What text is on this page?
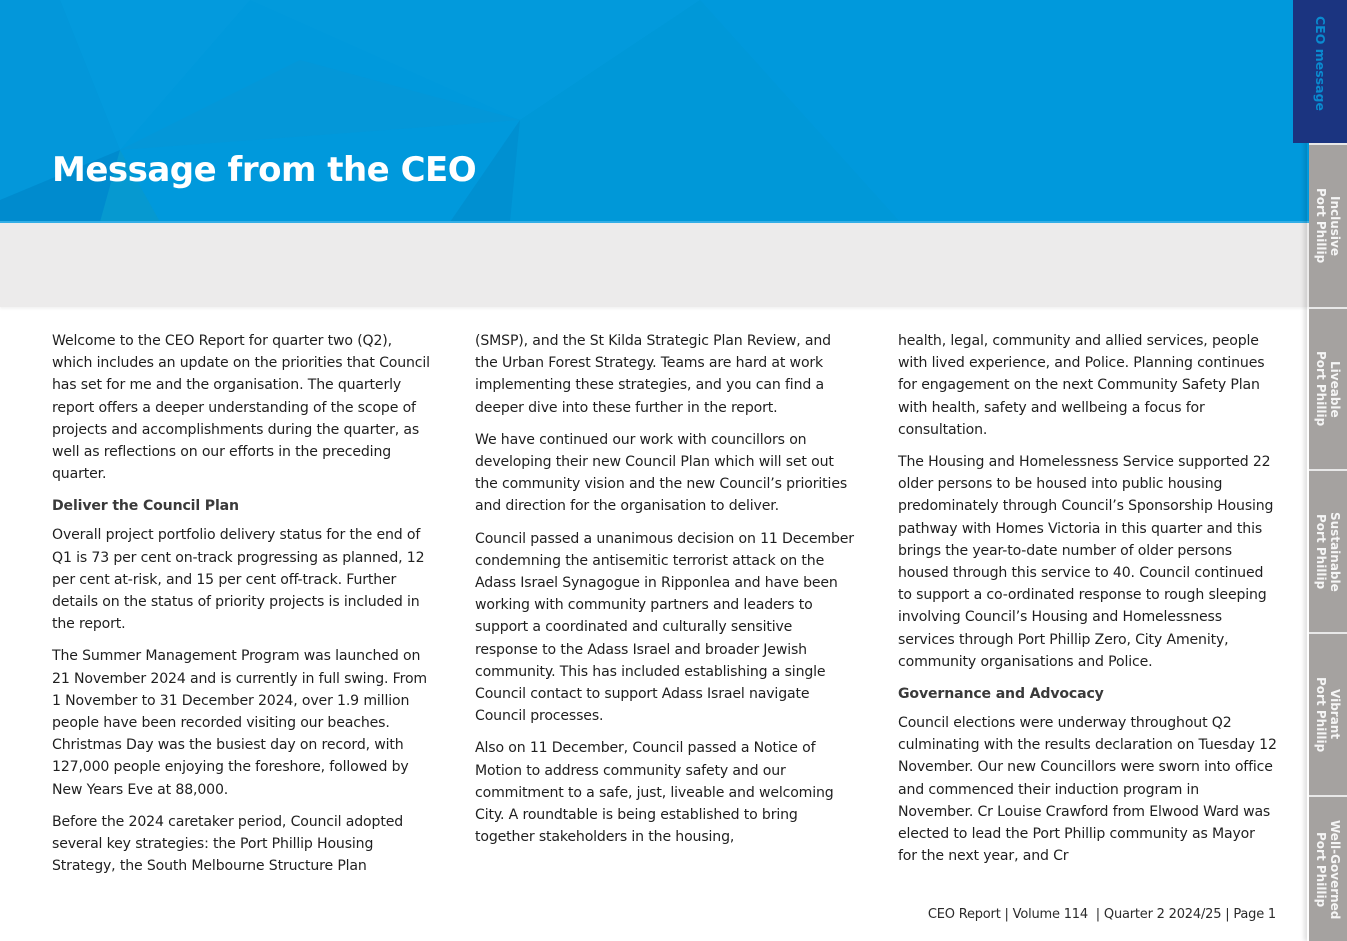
Message from the CEO

Welcome to the CEO Report for quarter two (Q2), which includes an update on the priorities that Council has set for me and the organisation. The quarterly report offers a deeper understanding of the scope of projects and accomplishments during the quarter, as well as reflections on our efforts in the preceding quarter.

Deliver the Council Plan

Overall project portfolio delivery status for the end of Q1 is 73 per cent on-track progressing as planned, 12 per cent at-risk, and 15 per cent off-track. Further details on the status of priority projects is included in the report.

The Summer Management Program was launched on 21 November 2024 and is currently in full swing. From 1 November to 31 December 2024, over 1.9 million people have been recorded visiting our beaches. Christmas Day was the busiest day on record, with 127,000 people enjoying the foreshore, followed by New Years Eve at 88,000.

Before the 2024 caretaker period, Council adopted several key strategies: the Port Phillip Housing Strategy, the South Melbourne Structure Plan

(SMSP), and the St Kilda Strategic Plan Review, and the Urban Forest Strategy. Teams are hard at work implementing these strategies, and you can find a deeper dive into these further in the report.

We have continued our work with councillors on developing their new Council Plan which will set out the community vision and the new Council’s priorities and direction for the organisation to deliver.

Council passed a unanimous decision on 11 December condemning the antisemitic terrorist attack on the Adass Israel Synagogue in Ripponlea and have been working with community partners and leaders to support a coordinated and culturally sensitive response to the Adass Israel and broader Jewish community. This has included establishing a single Council contact to support Adass Israel navigate Council processes.

Also on 11 December, Council passed a Notice of Motion to address community safety and our commitment to a safe, just, liveable and welcoming City. A roundtable is being established to bring together stakeholders in the housing,

health, legal, community and allied services, people with lived experience, and Police. Planning continues for engagement on the next Community Safety Plan with health, safety and wellbeing a focus for consultation.

The Housing and Homelessness Service supported 22 older persons to be housed into public housing predominately through Council’s Sponsorship Housing pathway with Homes Victoria in this quarter and this brings the year-to-date number of older persons housed through this service to 40. Council continued to support a co-ordinated response to rough sleeping involving Council’s Housing and Homelessness services through Port Phillip Zero, City Amenity, community organisations and Police.

Governance and Advocacy

Council elections were underway throughout Q2 culminating with the results declaration on Tuesday 12 November. Our new Councillors were sworn into office and commenced their induction program in November. Cr Louise Crawford from Elwood Ward was elected to lead the Port Phillip community as Mayor for the next year, and Cr

CEO Report | Volume 114  | Quarter 2 2024/25 | Page 1
CEO message
Inclusive
Port Phillip
Liveable
Port Phillip
Sustainable
Port Phillip
Vibrant
Port Phillip
Well-Governed
Port Phillip
